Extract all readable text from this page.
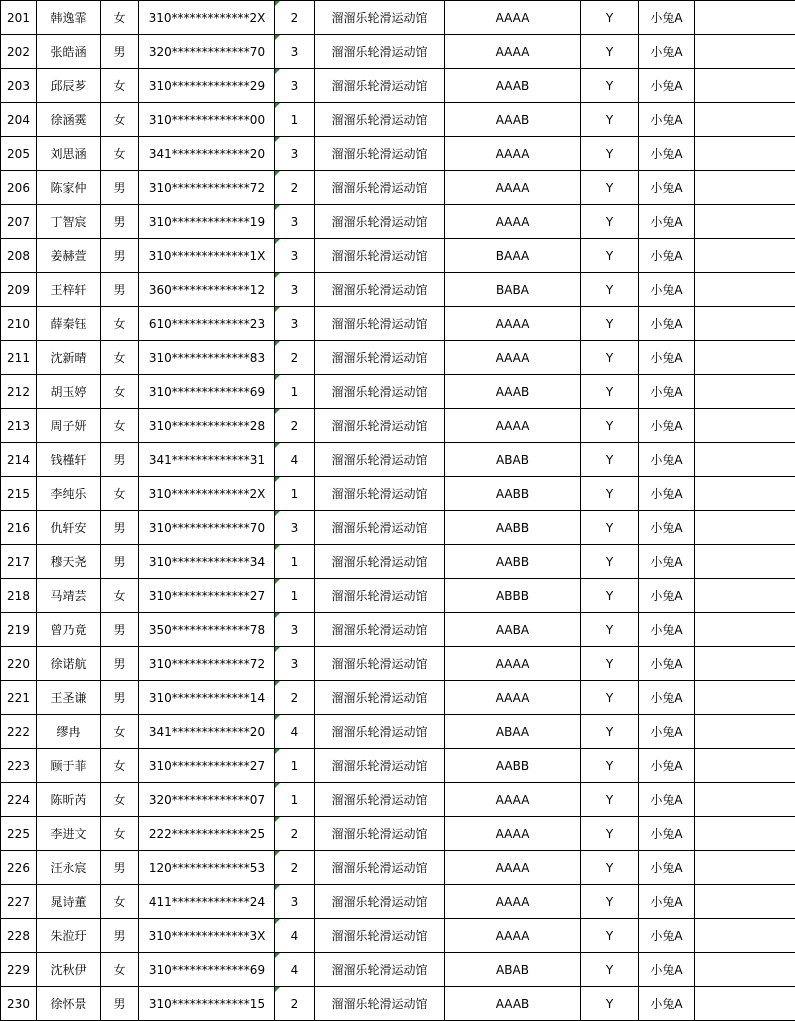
201	韩逸霏	女	310*************2X	2	溜溜乐轮滑运动馆	AAAA	Y	小兔A	
202	张皓涵	男	320*************70	3	溜溜乐轮滑运动馆	AAAA	Y	小兔A	
203	邱辰芗	女	310*************29	3	溜溜乐轮滑运动馆	AAAB	Y	小兔A	
204	徐涵霙	女	310*************00	1	溜溜乐轮滑运动馆	AAAB	Y	小兔A	
205	刘思涵	女	341*************20	3	溜溜乐轮滑运动馆	AAAA	Y	小兔A	
206	陈家仲	男	310*************72	2	溜溜乐轮滑运动馆	AAAA	Y	小兔A	
207	丁智宸	男	310*************19	3	溜溜乐轮滑运动馆	AAAA	Y	小兔A	
208	姜赫萱	男	310*************1X	3	溜溜乐轮滑运动馆	BAAA	Y	小兔A	
209	王梓轩	男	360*************12	3	溜溜乐轮滑运动馆	BABA	Y	小兔A	
210	薛秦钰	女	610*************23	3	溜溜乐轮滑运动馆	AAAA	Y	小兔A	
211	沈新晴	女	310*************83	2	溜溜乐轮滑运动馆	AAAA	Y	小兔A	
212	胡玉婷	女	310*************69	1	溜溜乐轮滑运动馆	AAAB	Y	小兔A	
213	周子妍	女	310*************28	2	溜溜乐轮滑运动馆	AAAA	Y	小兔A	
214	钱槿轩	男	341*************31	4	溜溜乐轮滑运动馆	ABAB	Y	小兔A	
215	李纯乐	女	310*************2X	1	溜溜乐轮滑运动馆	AABB	Y	小兔A	
216	仇轩安	男	310*************70	3	溜溜乐轮滑运动馆	AABB	Y	小兔A	
217	穆天尧	男	310*************34	1	溜溜乐轮滑运动馆	AABB	Y	小兔A	
218	马靖芸	女	310*************27	1	溜溜乐轮滑运动馆	ABBB	Y	小兔A	
219	曾乃竟	男	350*************78	3	溜溜乐轮滑运动馆	AABA	Y	小兔A	
220	徐诺航	男	310*************72	3	溜溜乐轮滑运动馆	AAAA	Y	小兔A	
221	王圣谦	男	310*************14	2	溜溜乐轮滑运动馆	AAAA	Y	小兔A	
222	缪冉	女	341*************20	4	溜溜乐轮滑运动馆	ABAA	Y	小兔A	
223	顾于菲	女	310*************27	1	溜溜乐轮滑运动馆	AABB	Y	小兔A	
224	陈昕芮	女	320*************07	1	溜溜乐轮滑运动馆	AAAA	Y	小兔A	
225	李进文	女	222*************25	2	溜溜乐轮滑运动馆	AAAA	Y	小兔A	
226	汪永宸	男	120*************53	2	溜溜乐轮滑运动馆	AAAA	Y	小兔A	
227	晁诗董	女	411*************24	3	溜溜乐轮滑运动馆	AAAA	Y	小兔A	
228	朱涖玗	男	310*************3X	4	溜溜乐轮滑运动馆	AAAA	Y	小兔A	
229	沈秋伊	女	310*************69	4	溜溜乐轮滑运动馆	ABAB	Y	小兔A	
230	徐怀景	男	310*************15	2	溜溜乐轮滑运动馆	AAAB	Y	小兔A	
